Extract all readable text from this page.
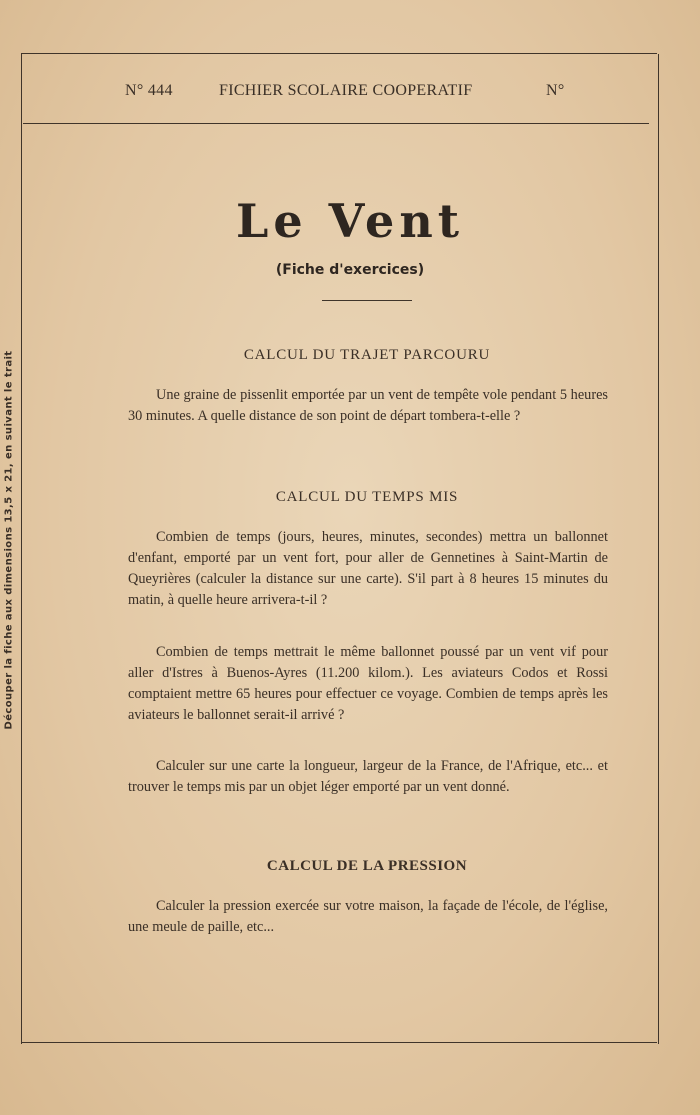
Découper la fiche aux dimensions 13,5 x 21, en suivant le trait
N° 444	FICHIER SCOLAIRE COOPERATIF	N°
Le Vent
(Fiche d'exercices)
CALCUL DU TRAJET PARCOURU
Une graine de pissenlit emportée par un vent de tempête vole pendant 5 heures 30 minutes. A quelle distance de son point de départ tombera-t-elle ?
CALCUL DU TEMPS MIS
Combien de temps (jours, heures, minutes, secondes) mettra un ballonnet d'enfant, emporté par un vent fort, pour aller de Gennetines à Saint-Martin de Queyrières (calculer la distance sur une carte). S'il part à 8 heures 15 minutes du matin, à quelle heure arrivera-t-il ?
Combien de temps mettrait le même ballonnet poussé par un vent vif pour aller d'Istres à Buenos-Ayres (11.200 kilom.). Les aviateurs Codos et Rossi comptaient mettre 65 heures pour effectuer ce voyage. Combien de temps après les aviateurs le ballonnet serait-il arrivé ?
Calculer sur une carte la longueur, largeur de la France, de l'Afrique, etc... et trouver le temps mis par un objet léger emporté par un vent donné.
CALCUL DE LA PRESSION
Calculer la pression exercée sur votre maison, la façade de l'école, de l'église, une meule de paille, etc...
